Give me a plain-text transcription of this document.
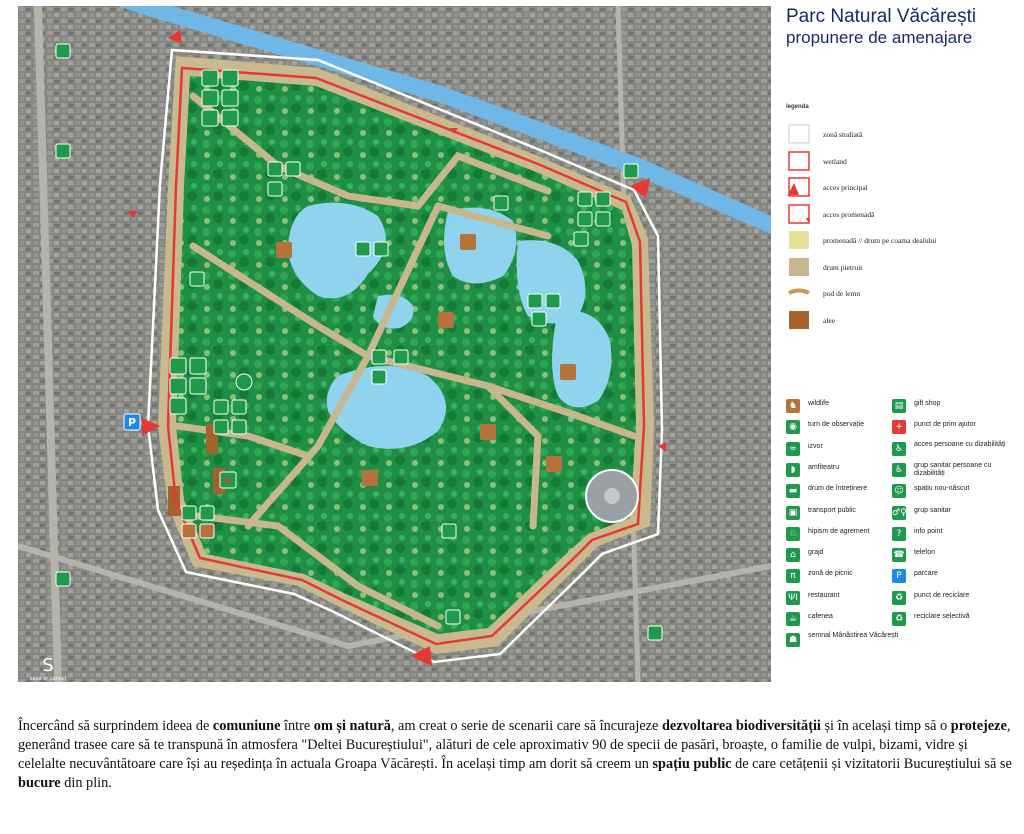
P
+
S
save or cancel
Parc Natural Văcărești
propunere de amenajare
legenda
zonă studiată
wetland
acces principal
acces promenadă
promenadă // drum pe coama dealului
drum pietruit
pod de lemn
alee
♞	wildlife
◉	turn de observație
≈	izvor
◗	amfiteatru
▬	drum de întreținere
▣	transport public
♘	hipism de agrement
⌂	grajd
π	zonă de picnic
ΨΙ	restaurant
☕	cafenea
☗	semnal Mânăstirea Văcărești
▤	gift shop
+	punct de prim ajutor
♿	acces persoane cu dizabilități
♿	grup sanitar persoane cu dizabilități
☺	spațiu nou-născut
♂♀ grup sanitar
?	info point
☎ telefon
P	parcare
♻	punct de reciclare
♻	reciclare selectivă

Încercând să surprindem ideea de comuniune între om și natură, am creat o serie de scenarii care să încurajeze dezvoltarea biodiversității și în același timp să o protejeze, generând trasee care să te transpună în atmosfera "Deltei Bucureștiului", alături de cele aproximativ 90 de specii de pasări, broaște, o familie de vulpi, bizami, vidre și celelalte necuvântătoare care își au reședința în actuala Groapa Văcărești. În același timp am dorit să creem un spațiu public de care cetățenii și vizitatorii Bucureștiului să se bucure din plin.
